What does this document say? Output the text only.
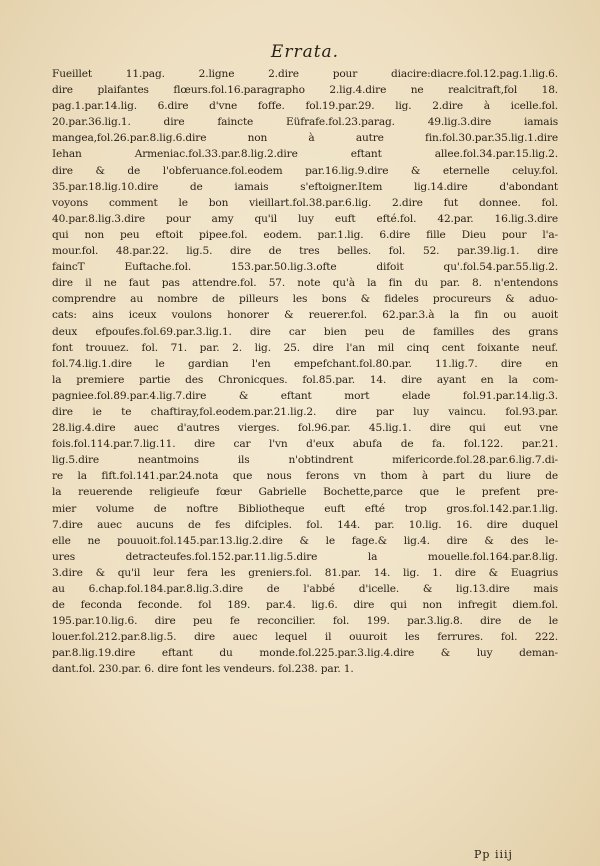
Errata.
Fueillet 11.pag. 2.ligne 2.dire pour diacire:diacre.fol.12.pag.1.lig.6.
dire plaifantes flœurs.fol.16.paragrapho 2.lig.4.dire ne realcitraft,fol 18.
pag.1.par.14.lig. 6.dire d'vne foffe. fol.19.par.29. lig. 2.dire à icelle.fol.
20.par.36.lig.1. dire faincte Eüfrafe.fol.23.parag. 49.lig.3.dire iamais
mangea,fol.26.par.8.lig.6.dire non à autre fin.fol.30.par.35.lig.1.dire
Iehan Armeniac.fol.33.par.8.lig.2.dire eftant allee.fol.34.par.15.lig.2.
dire & de l'obferuance.fol.eodem par.16.lig.9.dire & eternelle celuy.fol.
35.par.18.lig.10.dire de iamais s'eftoigner.Item lig.14.dire d'abondant
voyons comment le bon vieillart.fol.38.par.6.lig. 2.dire fut donnee. fol.
40.par.8.lig.3.dire pour amy qu'il luy euft efté.fol. 42.par. 16.lig.3.dire
qui non peu eftoit pipee.fol. eodem. par.1.lig. 6.dire fille Dieu pour l'a-
mour.fol. 48.par.22. lig.5. dire de tres belles. fol. 52. par.39.lig.1. dire
faincT Euftache.fol. 153.par.50.lig.3.ofte difoit qu'.fol.54.par.55.lig.2.
dire il ne faut pas attendre.fol. 57. note qu'à la fin du par. 8. n'entendons
comprendre au nombre de pilleurs les bons & fideles procureurs & aduo-
cats: ains iceux voulons honorer & reuerer.fol. 62.par.3.à la fin ou auoit
deux efpoufes.fol.69.par.3.lig.1. dire car bien peu de familles des grans
font trouuez. fol. 71. par. 2. lig. 25. dire l'an mil cinq cent foixante neuf.
fol.74.lig.1.dire le gardian l'en empefchant.fol.80.par. 11.lig.7. dire en
la premiere partie des Chronicques. fol.85.par. 14. dire ayant en la com-
pagniee.fol.89.par.4.lig.7.dire & eftant mort elade fol.91.par.14.lig.3.
dire ie te chaftiray,fol.eodem.par.21.lig.2. dire par luy vaincu. fol.93.par.
28.lig.4.dire auec d'autres vierges. fol.96.par. 45.lig.1. dire qui eut vne
fois.fol.114.par.7.lig.11. dire car l'vn d'eux abufa de fa. fol.122. par.21.
lig.5.dire neantmoins ils n'obtindrent mifericorde.fol.28.par.6.lig.7.di-
re la fift.fol.141.par.24.nota que nous ferons vn thom à part du liure de
la reuerende religieufe fœur Gabrielle Bochette,parce que le prefent pre-
mier volume de noftre Bibliotheque euft efté trop gros.fol.142.par.1.lig.
7.dire auec aucuns de fes difciples. fol. 144. par. 10.lig. 16. dire duquel
elle ne pouuoit.fol.145.par.13.lig.2.dire & le fage.& lig.4. dire & des le-
ures detracteufes.fol.152.par.11.lig.5.dire la mouelle.fol.164.par.8.lig.
3.dire & qu'il leur fera les greniers.fol. 81.par. 14. lig. 1. dire & Euagrius
au 6.chap.fol.184.par.8.lig.3.dire de l'abbé d'icelle. & lig.13.dire mais
de feconda feconde. fol 189. par.4. lig.6. dire qui non infregit diem.fol.
195.par.10.lig.6. dire peu fe reconcilier. fol. 199. par.3.lig.8. dire de le
louer.fol.212.par.8.lig.5. dire auec lequel il ouuroit les ferrures. fol. 222.
par.8.lig.19.dire eftant du monde.fol.225.par.3.lig.4.dire & luy deman-
dant.fol. 230.par. 6. dire font les vendeurs. fol.238. par. 1.
Pp iiij
